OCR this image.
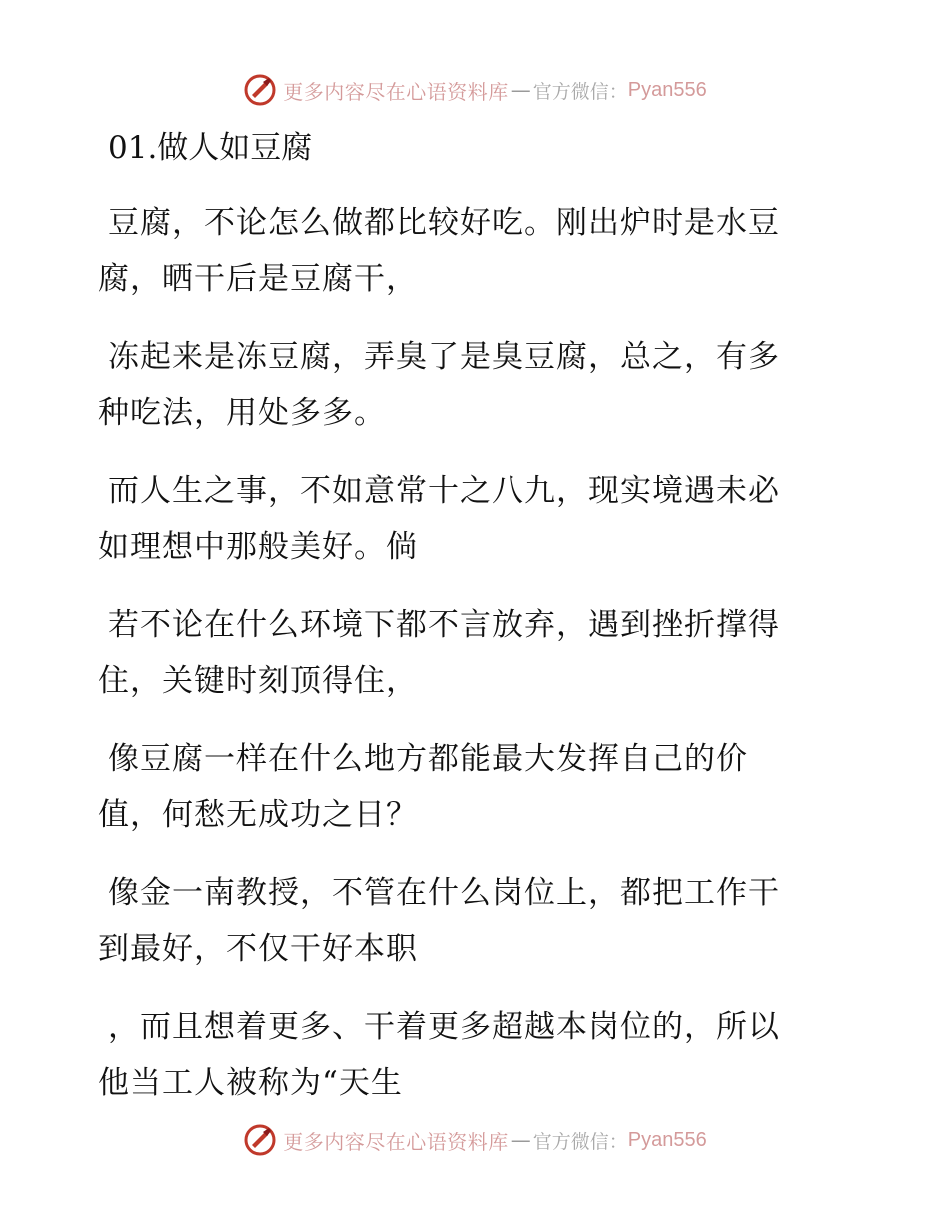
更多内容尽在心语资料库 — 官方微信： Pyan556
01.做人如豆腐
豆腐，不论怎么做都比较好吃。刚出炉时是水豆
腐，晒干后是豆腐干，
冻起来是冻豆腐，弄臭了是臭豆腐，总之，有多
种吃法，用处多多。
而人生之事，不如意常十之八九，现实境遇未必
如理想中那般美好。倘
若不论在什么环境下都不言放弃，遇到挫折撑得
住，关键时刻顶得住，
像豆腐一样在什么地方都能最大发挥自己的价
值，何愁无成功之日？
像金一南教授，不管在什么岗位上，都把工作干
到最好，不仅干好本职
，而且想着更多、干着更多超越本岗位的，所以
他当工人被称为“天生
更多内容尽在心语资料库 — 官方微信： Pyan556
